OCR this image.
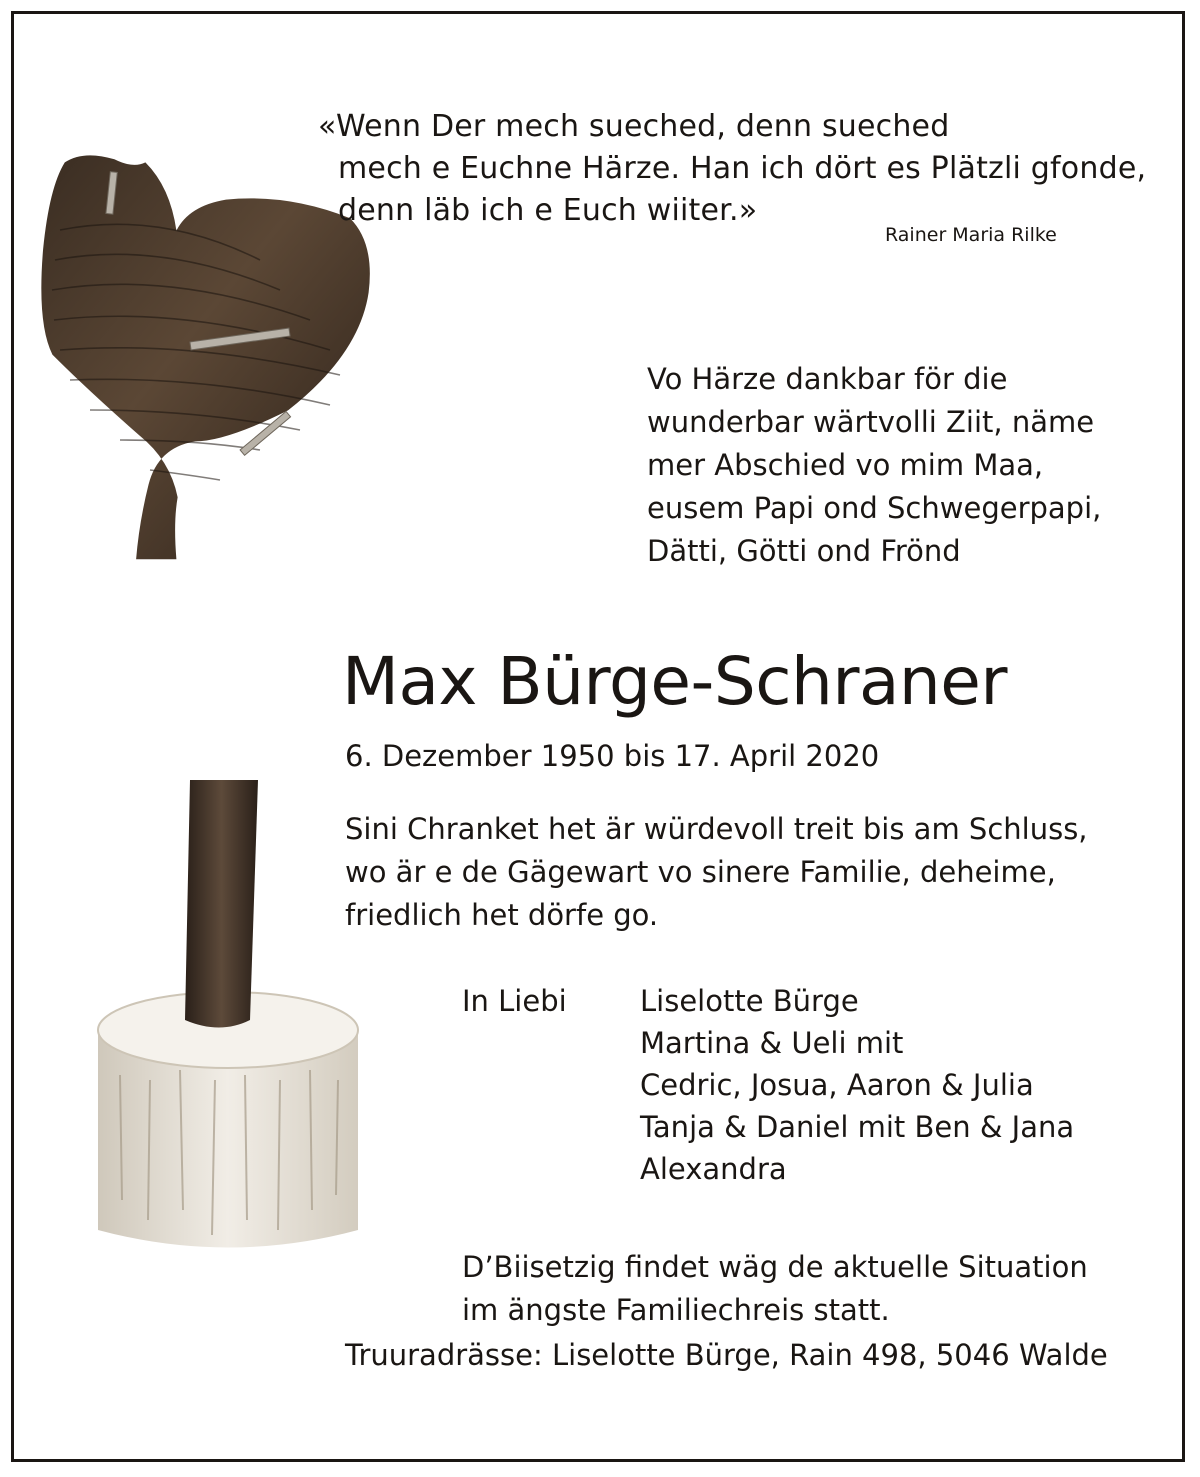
«Wenn Der mech sueched, denn sueched
mech e Euchne Härze. Han ich dört es Plätzli gfonde,
denn läb ich e Euch wiiter.»

Rainer Maria Rilke

Vo Härze dankbar för die
wunderbar wärtvolli Ziit, näme
mer Abschied vo mim Maa,
eusem Papi ond Schwegerpapi,
Dätti, Götti ond Frönd

Max Bürge-Schraner

6. Dezember 1950 bis 17. April 2020

Sini Chranket het är würdevoll treit bis am Schluss,
wo är e de Gägewart vo sinere Familie, deheime,
friedlich het dörfe go.

In Liebi	Liselotte Bürge
Martina & Ueli mit
Cedric, Josua, Aaron & Julia
Tanja & Daniel mit Ben & Jana
Alexandra

D’Biisetzig findet wäg de aktuelle Situation
im ängste Familiechreis statt.

Truuradrässe: Liselotte Bürge, Rain 498, 5046 Walde
